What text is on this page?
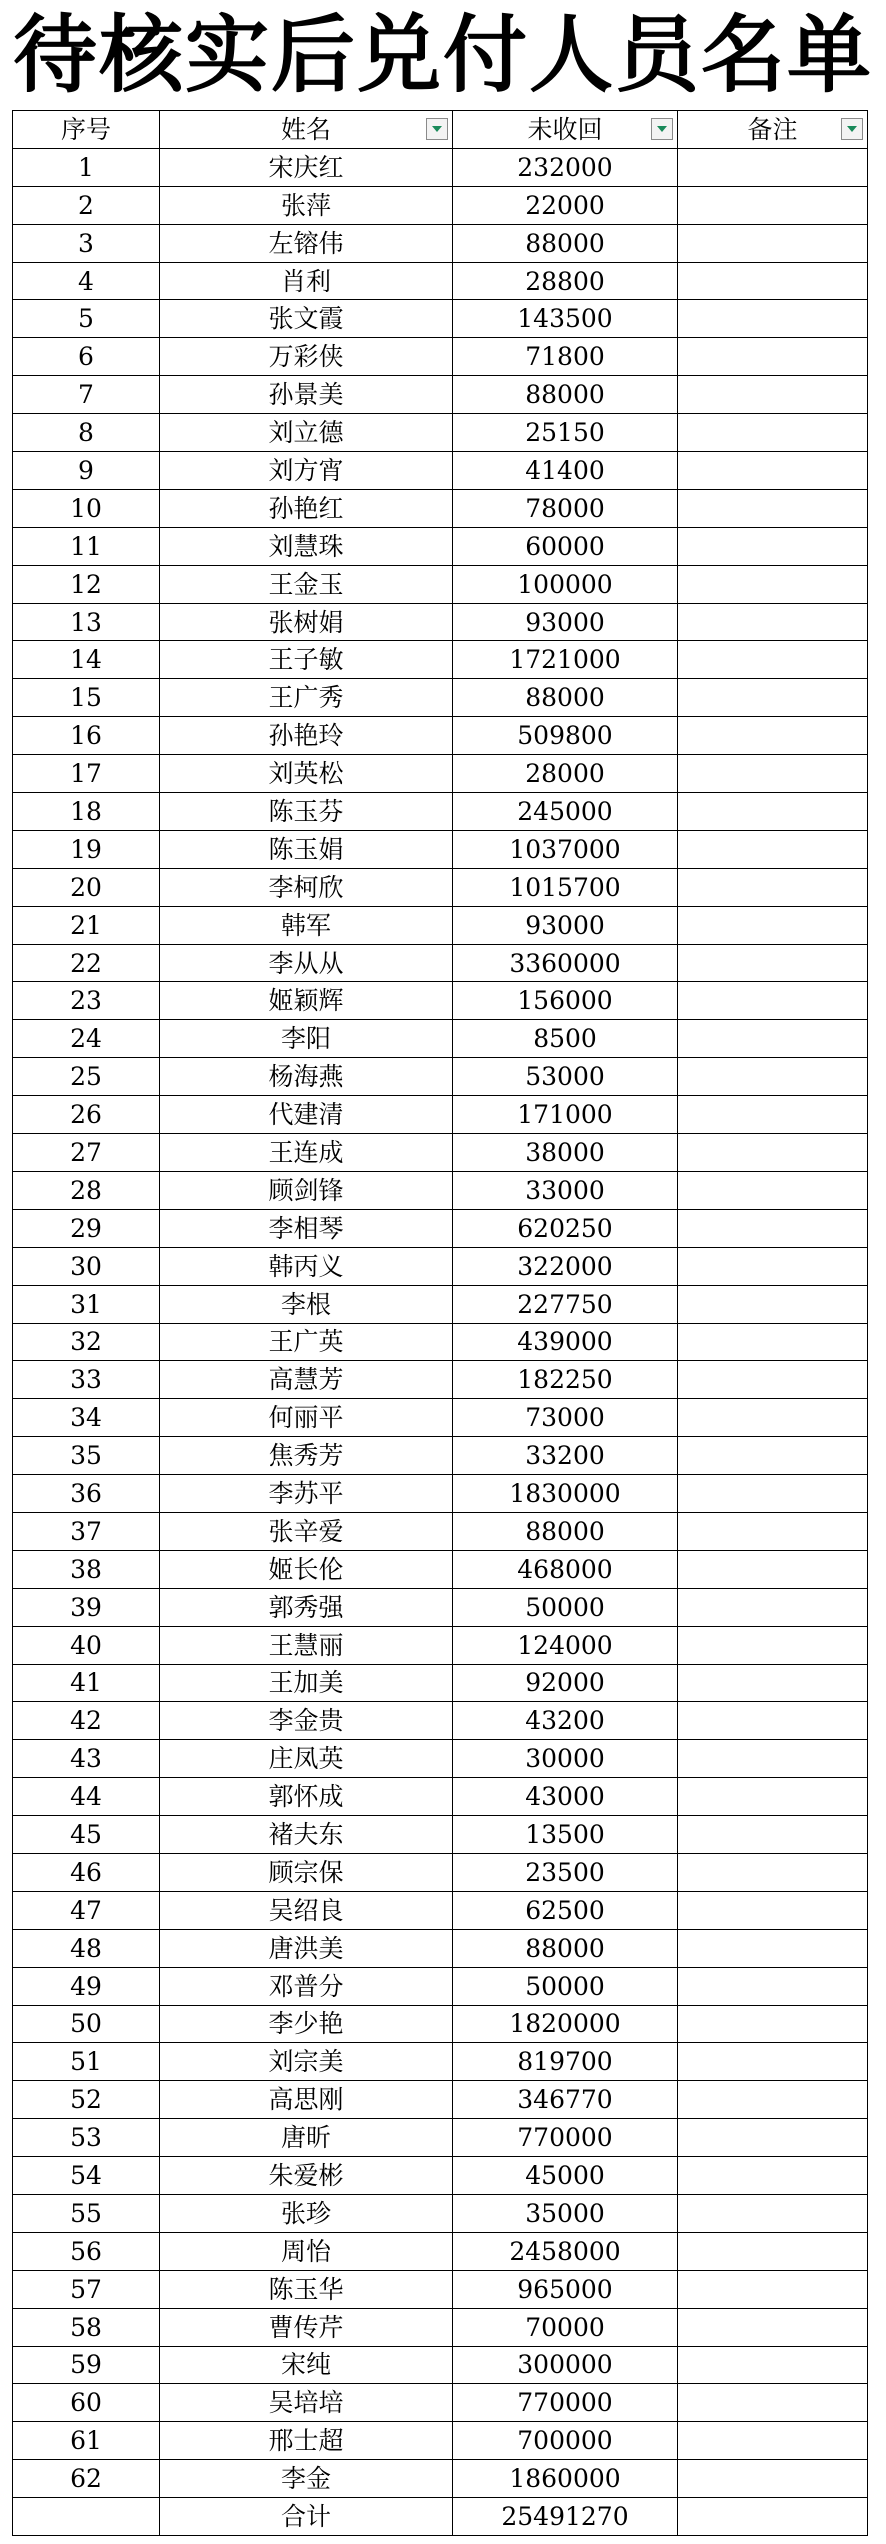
待核实后兑付人员名单
序号	姓名	未收回	备注

1	宋庆红	232000	
2	张萍	22000	
3	左镕伟	88000	
4	肖利	28800	
5	张文霞	143500	
6	万彩侠	71800	
7	孙景美	88000	
8	刘立德	25150	
9	刘方宵	41400	
10	孙艳红	78000	
11	刘慧珠	60000	
12	王金玉	100000	
13	张树娟	93000	
14	王子敏	1721000	
15	王广秀	88000	
16	孙艳玲	509800	
17	刘英松	28000	
18	陈玉芬	245000	
19	陈玉娟	1037000	
20	李柯欣	1015700	
21	韩军	93000	
22	李从从	3360000	
23	姬颖辉	156000	
24	李阳	8500	
25	杨海燕	53000	
26	代建清	171000	
27	王连成	38000	
28	顾剑锋	33000	
29	李相琴	620250	
30	韩丙义	322000	
31	李根	227750	
32	王广英	439000	
33	高慧芳	182250	
34	何丽平	73000	
35	焦秀芳	33200	
36	李苏平	1830000	
37	张辛爱	88000	
38	姬长伦	468000	
39	郭秀强	50000	
40	王慧丽	124000	
41	王加美	92000	
42	李金贵	43200	
43	庄凤英	30000	
44	郭怀成	43000	
45	褚夫东	13500	
46	顾宗保	23500	
47	吴绍良	62500	
48	唐洪美	88000	
49	邓普分	50000	
50	李少艳	1820000	
51	刘宗美	819700	
52	高思刚	346770	
53	唐昕	770000	
54	朱爱彬	45000	
55	张珍	35000	
56	周怡	2458000	
57	陈玉华	965000	
58	曹传芹	70000	
59	宋纯	300000	
60	吴培培	770000	
61	邢士超	700000	
62	李金	1860000	
	合计	25491270	
